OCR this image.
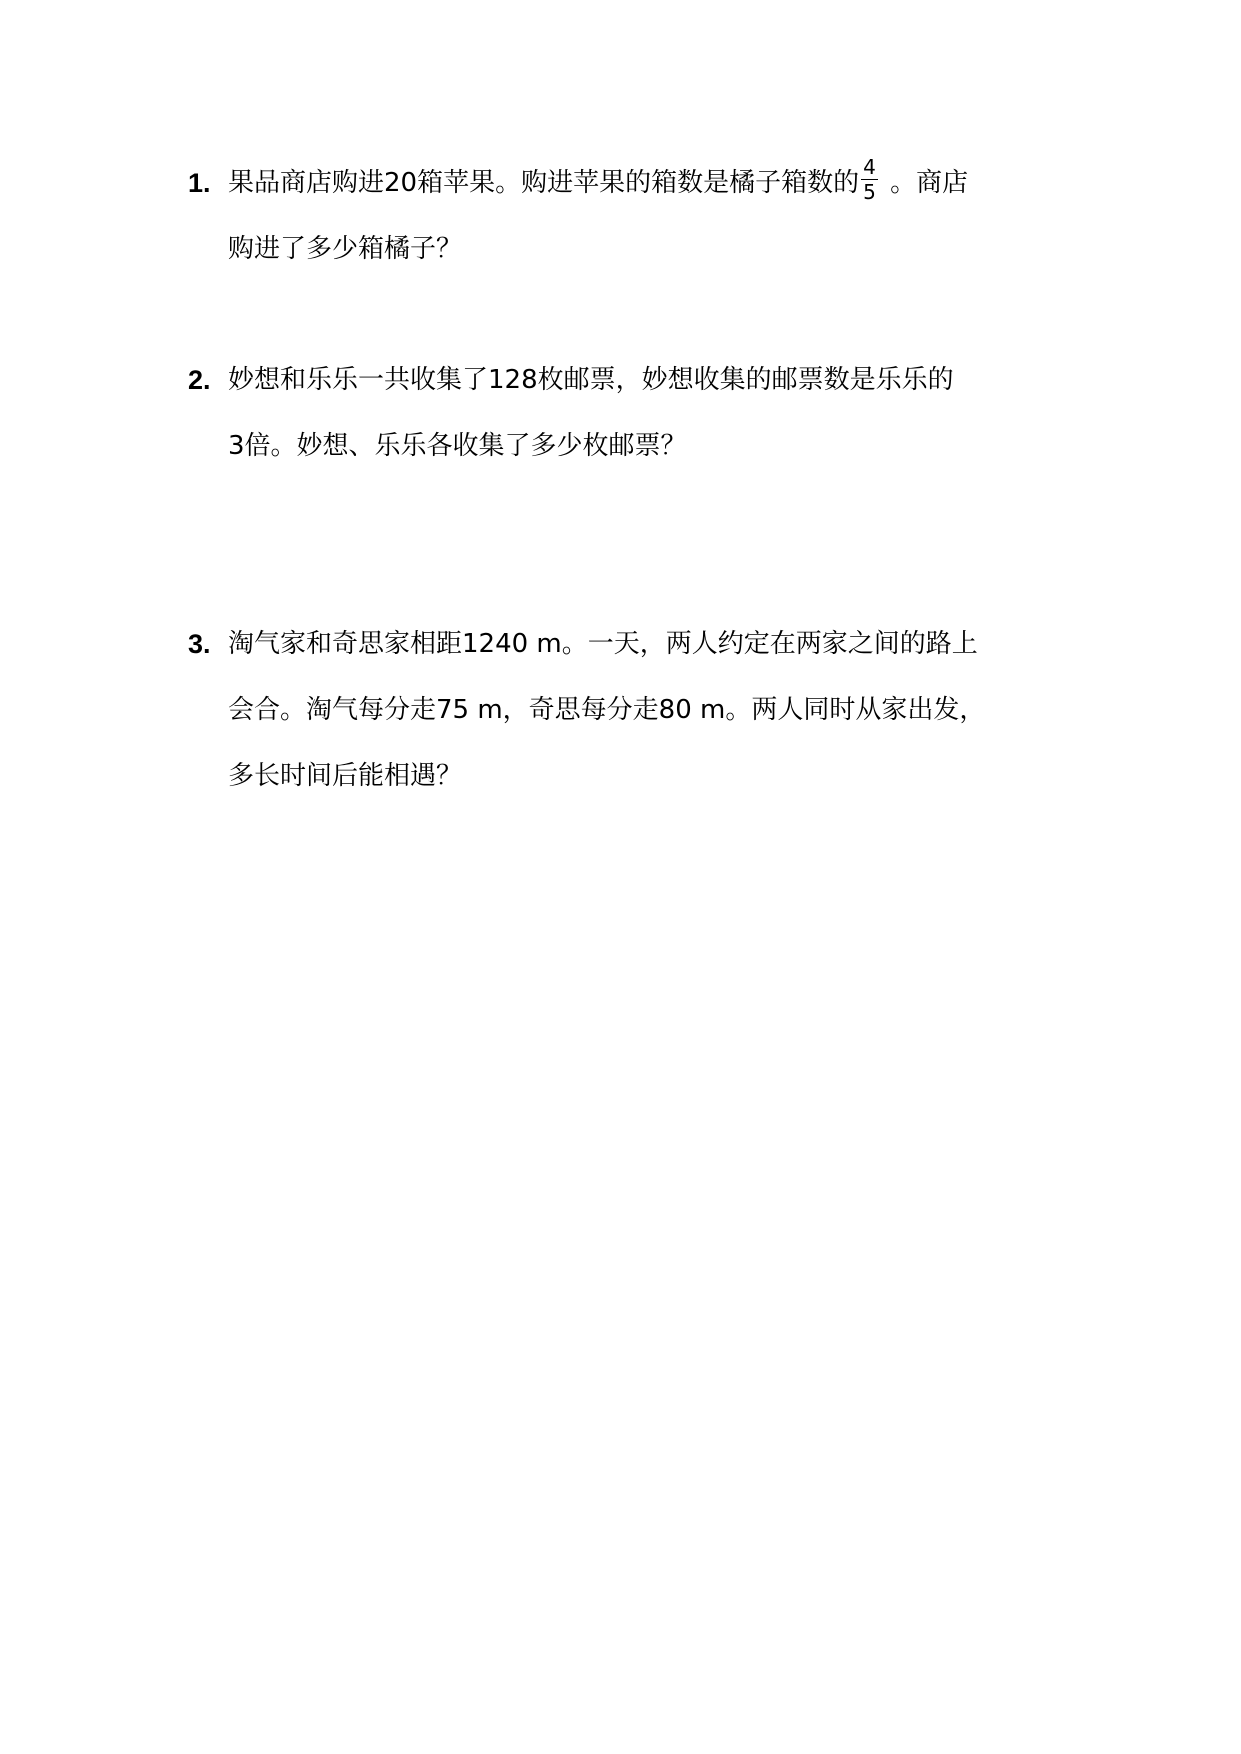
1. 果品商店购进20箱苹果。购进苹果的箱数是橘子箱数的 $\frac{4}{5}$ 。商店
购进了多少箱橘子？
2. 妙想和乐乐一共收集了128枚邮票，妙想收集的邮票数是乐乐的
3倍。妙想、乐乐各收集了多少枚邮票？
3. 淘气家和奇思家相距1240 m。一天，两人约定在两家之间的路上
会合。淘气每分走75 m，奇思每分走80 m。两人同时从家出发，
多长时间后能相遇？
